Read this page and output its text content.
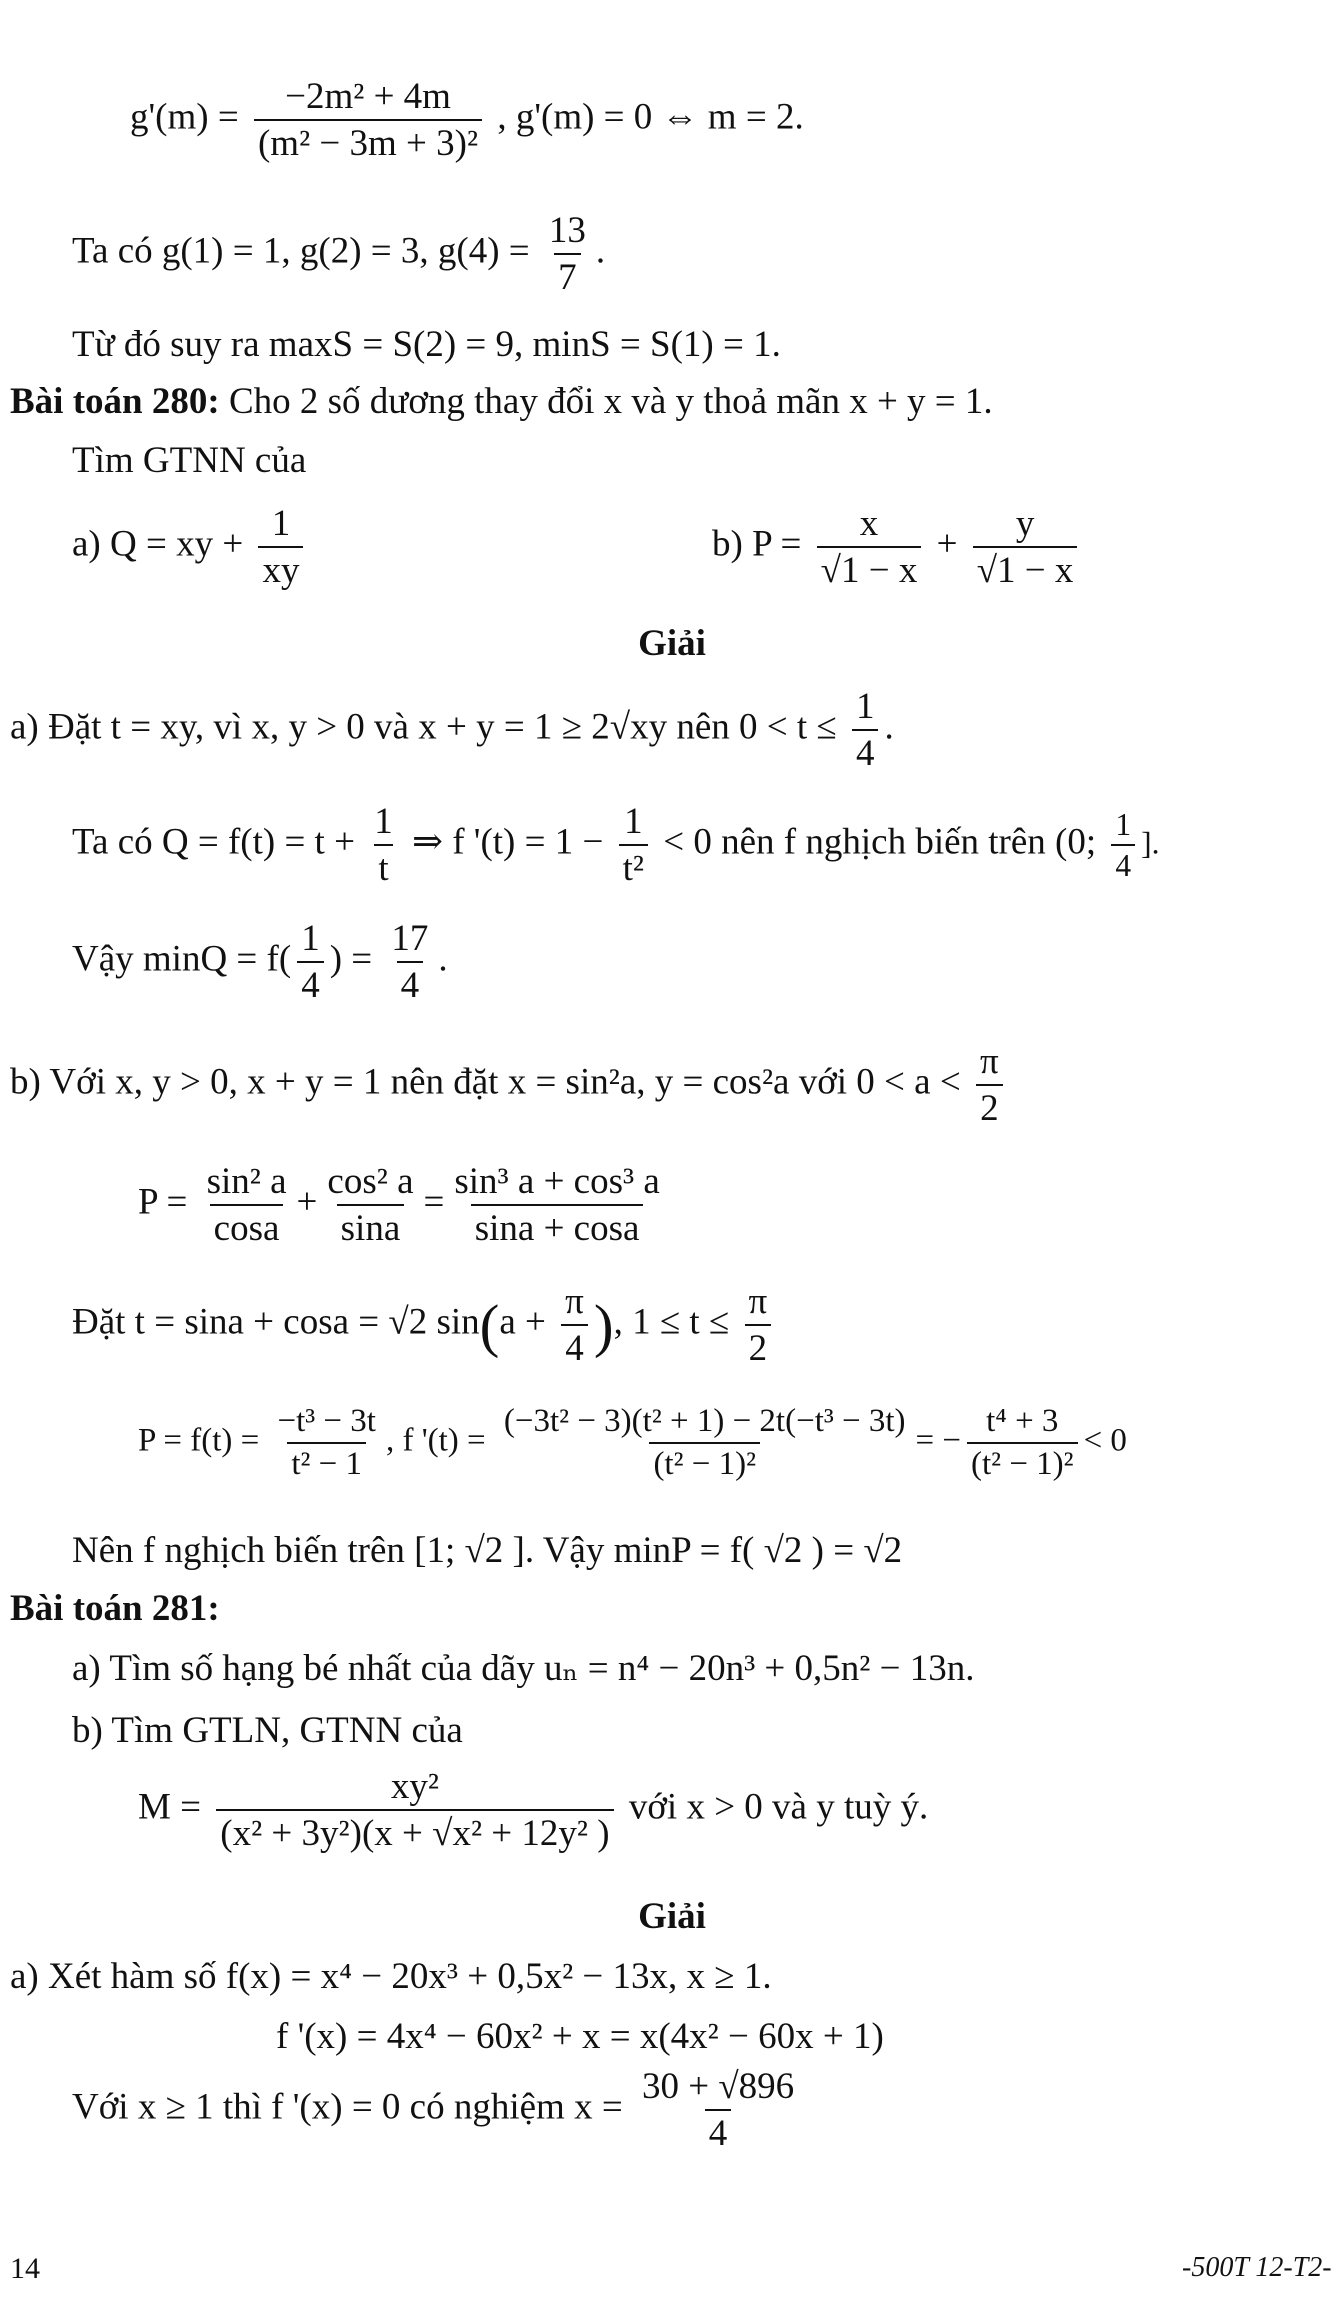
$g'(m) = \frac{\text{−2m² + 4m}}{\text{(m² − 3m + 3)²}}$ , g'(m) = 0 ⇔ m = 2.
Ta có g(1) = 1, g(2) = 3, $g(4) = \frac{13}{7}$ .
Từ đó suy ra maxS = S(2) = 9, minS = S(1) = 1.
Bài toán 280: Cho 2 số dương thay đổi x và y thoả mãn x + y = 1.
Tìm GTNN của
a) Q = xy + $\frac{1}{xy}$	b) $P = \frac{x}{√1 - x} + \frac{y}{√1 - x}$
Giải
a) Đặt t = xy, vì x, y > 0 và x + y = 1 ≥ 2√xy nên $0 < t \le \frac{1}{4}$ .
Ta có $Q = f(t) = t + \frac{1}{t}$ ⇒ f '$(t) = 1 - \frac{1}{\text{t²}} < 0$ nên f nghịch biến trên (0; $\frac{1}{4}$ ].
Vậy $\min Q = f( \frac{1}{4}$ ) = $\frac{17}{4}$ .
b) Với x, y > 0, x + y = 1 nên đặt x = sin²a, y = cos²a với $0 < a < \frac{\pi}{2}$
$P = \frac{\text{sin² a}}{\cos a} + \frac{\text{cos² a}}{\sin a} = \frac{\text{sin³ a + cos³ a}}{\sin a + \cos a}$
Đặt t = sina + cosa = √2 $\sin(a + \frac{\pi}{4}$ ), $1 \le t \le \frac{\pi}{2}$
$P = f(t) = \frac{\text{−t³ − 3t}}{\text{t² − 1}}$ , f '$(t) = \frac{\text{(−3t² − 3)(t² + 1) − 2t(−t³ − 3t)}}{\text{(t² − 1)²}}$ = − $\frac{\text{t⁴ + 3}}{\text{(t² − 1)²}} < 0$
Nên f nghịch biến trên [1; √2 ]. Vậy minP = f( √2 ) = √2
Bài toán 281:
a) Tìm số hạng bé nhất của dãy uₙ = n⁴ − 20n³ + 0,5n² − 13n.
b) Tìm GTLN, GTNN của
$M = \frac{\text{xy²}}{\text{(x² + 3y²)(x + √x² + 12y² )}}$ với x > 0 và y tuỳ ý.
Giải
a) Xét hàm số f(x) = x⁴ − 20x³ + 0,5x² − 13x, x ≥ 1.
f '(x) = 4x⁴ − 60x² + x = x(4x² − 60x + 1)
Với x ≥ 1 thì f '(x) = 0 có nghiệm $x = \frac{30 + √896}{4}$
14	-500T 12-T2-
